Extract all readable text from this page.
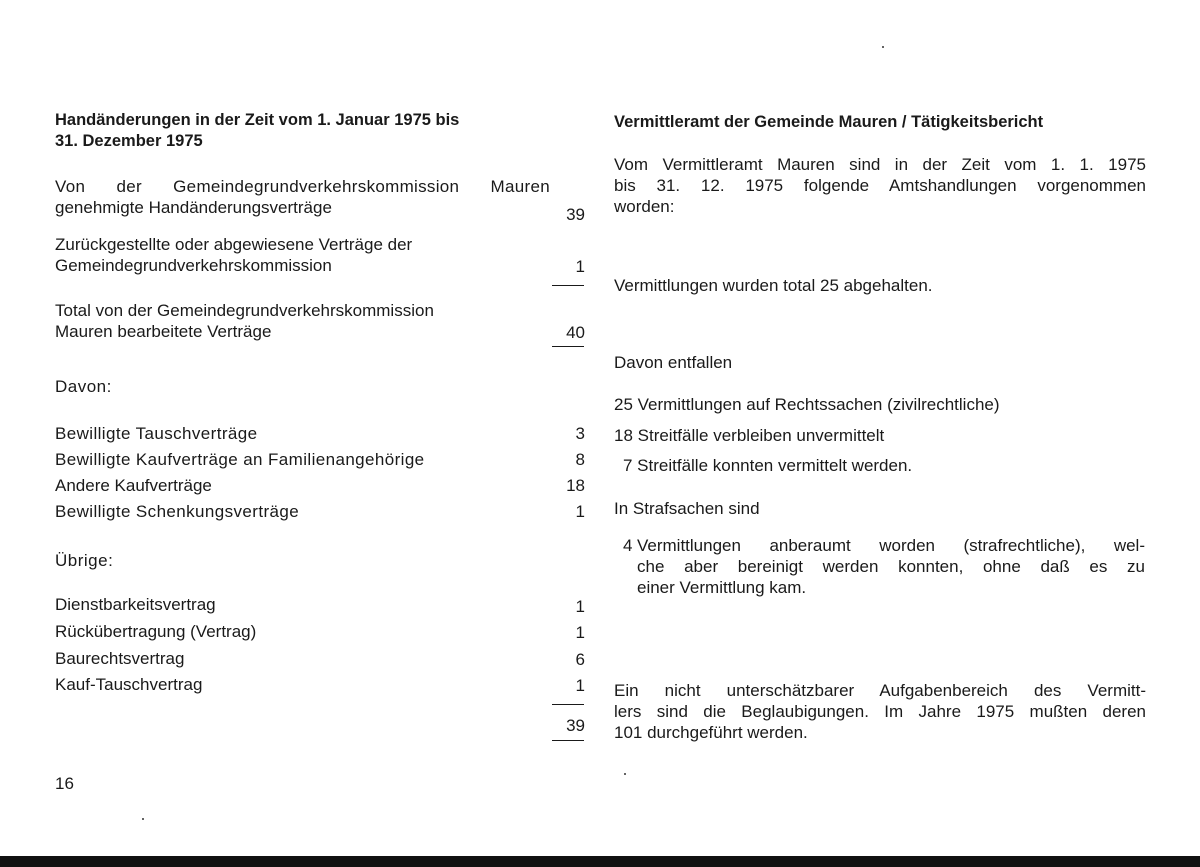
Handänderungen in der Zeit vom 1. Januar 1975 bis
31. Dezember 1975
Von der Gemeindegrundverkehrskommission Mauren
genehmigte Handänderungsverträge	39
Zurückgestellte oder abgewiesene Verträge der
Gemeindegrundverkehrskommission	1
Total von der Gemeindegrundverkehrskommission
Mauren bearbeitete Verträge	40
Davon:
Bewilligte Tauschverträge	3
Bewilligte Kaufverträge an Familienangehörige	8
Andere Kaufverträge	18
Bewilligte Schenkungsverträge	1
Übrige:
Dienstbarkeitsvertrag	1
Rückübertragung (Vertrag)	1
Baurechtsvertrag	6
Kauf-Tauschvertrag	1
39
Vermittleramt der Gemeinde Mauren / Tätigkeitsbericht
Vom Vermittleramt Mauren sind in der Zeit vom 1. 1. 1975
bis 31. 12. 1975 folgende Amtshandlungen vorgenommen
worden:
Vermittlungen wurden total 25 abgehalten.
Davon entfallen
25 Vermittlungen auf Rechtssachen (zivilrechtliche)
18 Streitfälle verbleiben unvermittelt
7 Streitfälle konnten vermittelt werden.
In Strafsachen sind
4 Vermittlungen anberaumt worden (strafrechtliche), wel-
che aber bereinigt werden konnten, ohne daß es zu
einer Vermittlung kam.
Ein nicht unterschätzbarer Aufgabenbereich des Vermitt-
lers sind die Beglaubigungen. Im Jahre 1975 mußten deren
101 durchgeführt werden.
16
